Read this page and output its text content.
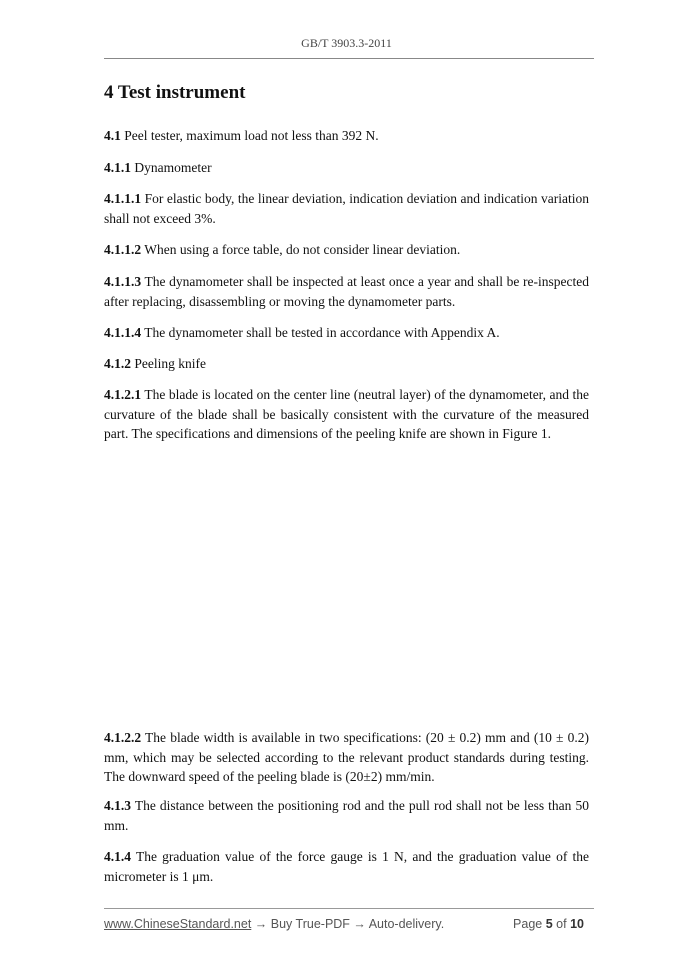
GB/T 3903.3-2011
4 Test instrument

4.1 Peel tester, maximum load not less than 392 N.

4.1.1 Dynamometer

4.1.1.1 For elastic body, the linear deviation, indication deviation and indication variation shall not exceed 3%.

4.1.1.2 When using a force table, do not consider linear deviation.

4.1.1.3 The dynamometer shall be inspected at least once a year and shall be re-inspected after replacing, disassembling or moving the dynamometer parts.

4.1.1.4 The dynamometer shall be tested in accordance with Appendix A.

4.1.2 Peeling knife

4.1.2.1 The blade is located on the center line (neutral layer) of the dynamometer, and the curvature of the blade shall be basically consistent with the curvature of the measured part. The specifications and dimensions of the peeling knife are shown in Figure 1.

4.1.2.2 The blade width is available in two specifications: (20 ± 0.2) mm and (10 ± 0.2) mm, which may be selected according to the relevant product standards during testing. The downward speed of the peeling blade is (20±2) mm/min.

4.1.3 The distance between the positioning rod and the pull rod shall not be less than 50 mm.

4.1.4 The graduation value of the force gauge is 1 N, and the graduation value of the micrometer is 1 μm.

www.ChineseStandard.net → Buy True-PDF → Auto-delivery.	Page 5 of 10
